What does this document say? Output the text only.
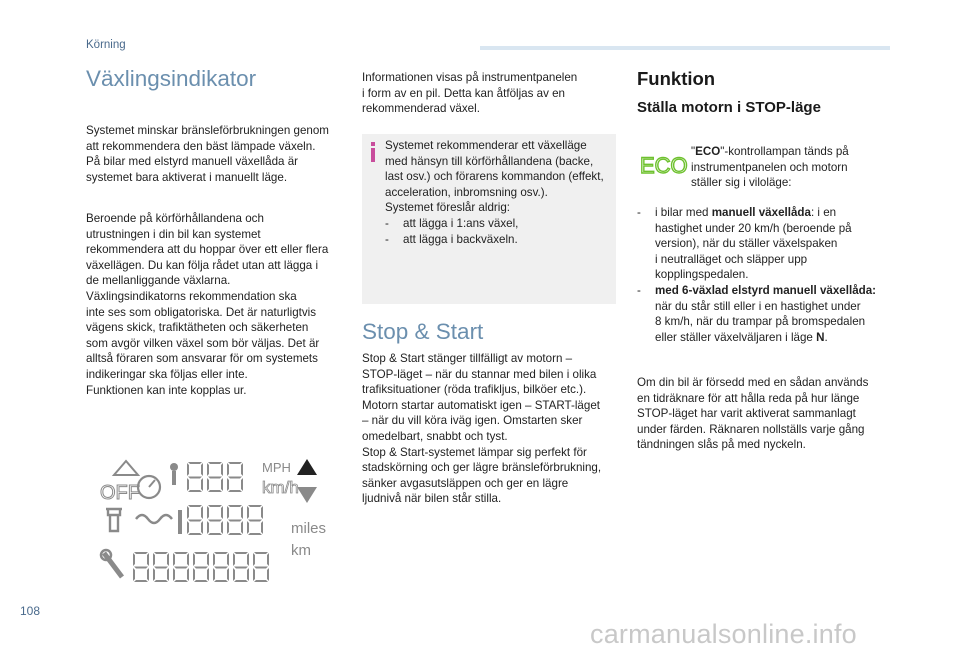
Körning
Växlingsindikator

Systemet minskar bränsleförbrukningen genom

att rekommendera den bäst lämpade växeln.

På bilar med elstyrd manuell växellåda är

systemet bara aktiverat i manuellt läge.

Beroende på körförhållandena och

utrustningen i din bil kan systemet

rekommendera att du hoppar över ett eller flera

växellägen. Du kan följa rådet utan att lägga i

de mellanliggande växlarna.

Växlingsindikatorns rekommendation ska

inte ses som obligatoriska. Det är naturligtvis

vägens skick, trafiktätheten och säkerheten

som avgör vilken växel som bör väljas. Det är

alltså föraren som ansvarar för om systemets

indikeringar ska följas eller inte.

Funktionen kan inte kopplas ur.

OFF
MPH
km/h
miles
km

Informationen visas på instrumentpanelen

i form av en pil. Detta kan åtföljas av en

rekommenderad växel.

Systemet rekommenderar ett växelläge

med hänsyn till körförhållandena (backe,

last osv.) och förarens kommandon (effekt,

acceleration, inbromsning osv.).

Systemet föreslår aldrig:

- att lägga i 1:ans växel,

- att lägga i backväxeln.

Stop & Start

Stop & Start stänger tillfälligt av motorn –

STOP-läget – när du stannar med bilen i olika

trafiksituationer (röda trafikljus, bilköer etc.).

Motorn startar automatiskt igen – START-läget

– när du vill köra iväg igen. Omstarten sker

omedelbart, snabbt och tyst.

Stop & Start-systemet lämpar sig perfekt för

stadskörning och ger lägre bränsleförbrukning,

sänker avgasutsläppen och ger en lägre

ljudnivå när bilen står stilla.

Funktion
Ställa motorn i STOP-läge
ECO

"ECO"-kontrollampan tänds på

instrumentpanelen och motorn

ställer sig i viloläge:

- i bilar med manuell växellåda: i en

hastighet under 20 km/h (beroende på

version), när du ställer växelspaken

i neutralläget och släpper upp

kopplingspedalen.

- med 6-växlad elstyrd manuell växellåda:

när du står still eller i en hastighet under

8 km/h, när du trampar på bromspedalen

eller ställer växelväljaren i läge N.

Om din bil är försedd med en sådan används

en tidräknare för att hålla reda på hur länge

STOP-läget har varit aktiverat sammanlagt

under färden. Räknaren nollställs varje gång

tändningen slås på med nyckeln.

108
carmanualsonline.info
